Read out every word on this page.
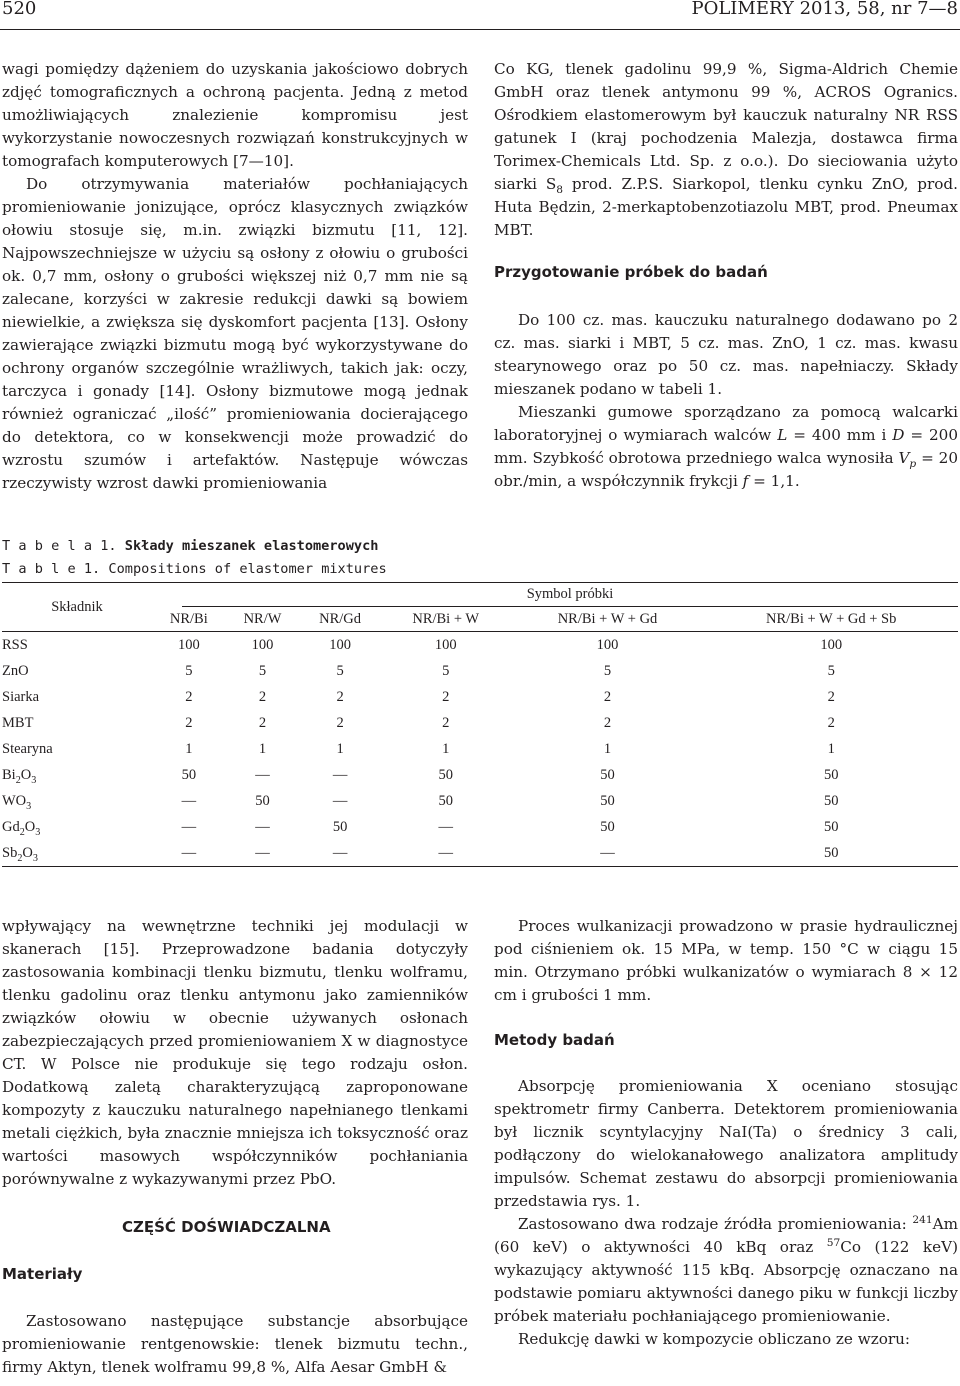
520	POLIMERY 2013, 58, nr 7—8

wagi pomiędzy dążeniem do uzyskania jakościowo dobrych zdjęć tomograficznych a ochroną pacjenta. Jedną z metod umożliwiających znalezienie kompromisu jest wykorzystanie nowoczesnych rozwiązań konstrukcyjnych w tomografach komputerowych [7—10].

Do otrzymywania materiałów pochłaniających promieniowanie jonizujące, oprócz klasycznych związków ołowiu stosuje się, m.in. związki bizmutu [11, 12]. Najpowszechniejsze w użyciu są osłony z ołowiu o grubości ok. 0,7 mm, osłony o grubości większej niż 0,7 mm nie są zalecane, korzyści w zakresie redukcji dawki są bowiem niewielkie, a zwiększa się dyskomfort pacjenta [13]. Osłony zawierające związki bizmutu mogą być wykorzystywane do ochrony organów szczególnie wrażliwych, takich jak: oczy, tarczyca i gonady [14]. Osłony bizmutowe mogą jednak również ograniczać „ilość” promieniowania docierającego do detektora, co w konsekwencji może prowadzić do wzrostu szumów i artefaktów. Następuje wówczas rzeczywisty wzrost dawki promieniowania

Co KG, tlenek gadolinu 99,9 %, Sigma-Aldrich Chemie GmbH oraz tlenek antymonu 99 %, ACROS Ogranics. Ośrodkiem elastomerowym był kauczuk naturalny NR RSS gatunek I (kraj pochodzenia Malezja, dostawca firma Torimex-Chemicals Ltd. Sp. z o.o.). Do sieciowania użyto siarki $S_8$ prod. Z.P.S. Siarkopol, tlenku cynku ZnO, prod. Huta Będzin, 2-merkaptobenzotiazolu MBT, prod. Pneumax MBT.

Przygotowanie próbek do badań

Do 100 cz. mas. kauczuku naturalnego dodawano po 2 cz. mas. siarki i MBT, 5 cz. mas. ZnO, 1 cz. mas. kwasu stearynowego oraz po 50 cz. mas. napełniaczy. Składy mieszanek podano w tabeli 1.

Mieszanki gumowe sporządzano za pomocą walcarki laboratoryjnej o wymiarach walców L = 400 mm i D = 200 mm. Szybkość obrotowa przedniego walca wynosiła $V_p = 20$ obr./min, a współczynnik frykcji f = 1,1.

T a b e l a 1. Składy mieszanek elastomerowych
T a b l e 1. Compositions of elastomer mixtures
Składnik	Symbol próbki					

	NR/Bi	NR/W	NR/Gd	NR/Bi + W	NR/Bi + W + Gd	NR/Bi + W + Gd + Sb
RSS	100	100	100	100	100	100
ZnO	5	5	5	5	5	5
Siarka	2	2	2	2	2	2
MBT	2	2	2	2	2	2
Stearyna	1	1	1	1	1	1
$Bi_2O_3$	50	—	—	50	50	50
$WO_3$	—	50	—	50	50	50
$Gd_2O_3$	—	—	50	—	50	50
$Sb_2O_3$	—	—	—	—	—	50

wpływający na wewnętrzne techniki jej modulacji w skanerach [15]. Przeprowadzone badania dotyczyły zastosowania kombinacji tlenku bizmutu, tlenku wolframu, tlenku gadolinu oraz tlenku antymonu jako zamienników związków ołowiu w obecnie używanych osłonach zabezpieczających przed promieniowaniem X w diagnostyce CT. W Polsce nie produkuje się tego rodzaju osłon. Dodatkową zaletą charakteryzującą zaproponowane kompozyty z kauczuku naturalnego napełnianego tlenkami metali ciężkich, była znacznie mniejsza ich toksyczność oraz wartości masowych współczynników pochłaniania porównywalne z wykazywanymi przez PbO.

CZĘŚĆ DOŚWIADCZALNA

Materiały

Zastosowano następujące substancje absorbujące promieniowanie rentgenowskie: tlenek bizmutu techn., firmy Aktyn, tlenek wolframu 99,8 %, Alfa Aesar GmbH &

Proces wulkanizacji prowadzono w prasie hydraulicznej pod ciśnieniem ok. 15 MPa, w temp. 150 °C w ciągu 15 min. Otrzymano próbki wulkanizatów o wymiarach 8 × 12 cm i grubości 1 mm.

Metody badań

Absorpcję promieniowania X oceniano stosując spektrometr firmy Canberra. Detektorem promieniowania był licznik scyntylacyjny NaI(Ta) o średnicy 3 cali, podłączony do wielokanałowego analizatora amplitudy impulsów. Schemat zestawu do absorpcji promieniowania przedstawia rys. 1.

Zastosowano dwa rodzaje źródła promieniowania: $^{241}$Am (60 keV) o aktywności 40 kBq oraz $^{57}$Co (122 keV) wykazujący aktywność 115 kBq. Absorpcję oznaczano na podstawie pomiaru aktywności danego piku w funkcji liczby próbek materiału pochłaniającego promieniowanie.

Redukcję dawki w kompozycie obliczano ze wzoru:
